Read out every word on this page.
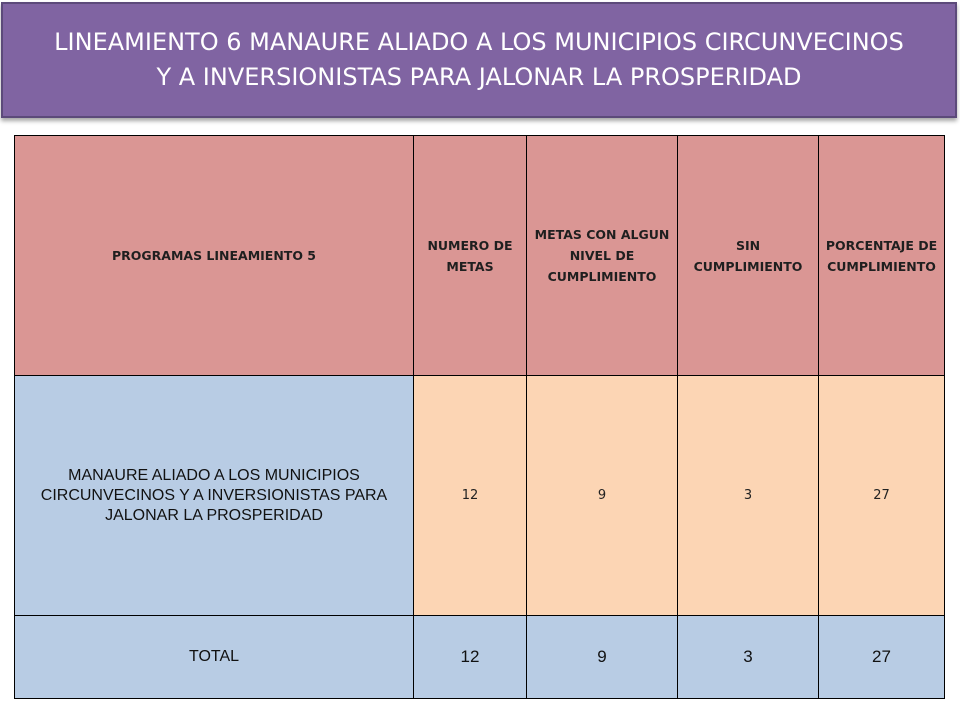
LINEAMIENTO 6 MANAURE ALIADO A LOS MUNICIPIOS CIRCUNVECINOS
Y A INVERSIONISTAS PARA JALONAR LA PROSPERIDAD
PROGRAMAS LINEAMIENTO 5	NUMERO DE METAS	METAS CON ALGUN NIVEL DE CUMPLIMIENTO	SIN CUMPLIMIENTO	PORCENTAJE DE CUMPLIMIENTO
MANAURE ALIADO A LOS MUNICIPIOS CIRCUNVECINOS Y A INVERSIONISTAS PARA JALONAR LA PROSPERIDAD	12	9	3	27
TOTAL	12	9	3	27
